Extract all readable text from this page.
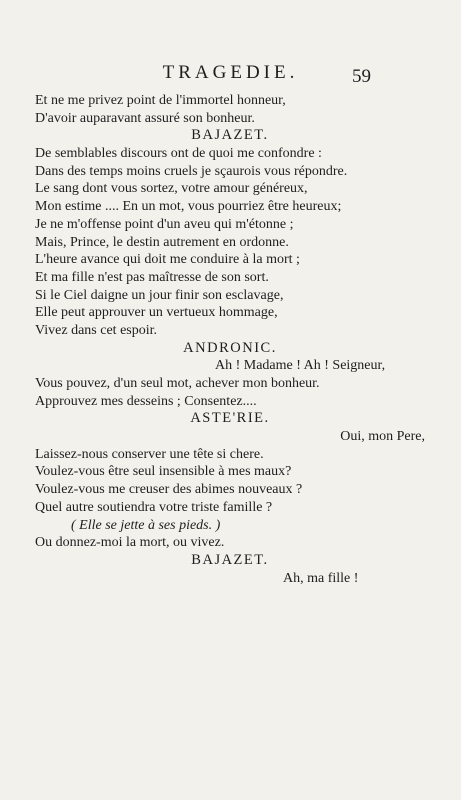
TRAGEDIE.	59
Et ne me privez point de l'immortel honneur,
D'avoir auparavant assuré son bonheur.
BAJAZET.
De semblables discours ont de quoi me confondre :
Dans des temps moins cruels je sçaurois vous répondre.
Le sang dont vous sortez, votre amour généreux,
Mon estime .... En un mot, vous pourriez être heureux;
Je ne m'offense point d'un aveu qui m'étonne ;
Mais, Prince, le destin autrement en ordonne.
L'heure avance qui doit me conduire à la mort ;
Et ma fille n'est pas maîtresse de son sort.
Si le Ciel daigne un jour finir son esclavage,
Elle peut approuver un vertueux hommage,
Vivez dans cet espoir.
ANDRONIC.
Ah ! Madame ! Ah ! Seigneur,
Vous pouvez, d'un seul mot, achever mon bonheur.
Approuvez mes desseins ; Consentez....
ASTE'RIE.
Oui, mon Pere,
Laissez-nous conserver une tête si chere.
Voulez-vous être seul insensible à mes maux?
Voulez-vous me creuser des abimes nouveaux ?
Quel autre soutiendra votre triste famille ?
( Elle se jette à ses pieds. )
Ou donnez-moi la mort, ou vivez.
BAJAZET.
Ah, ma fille !
